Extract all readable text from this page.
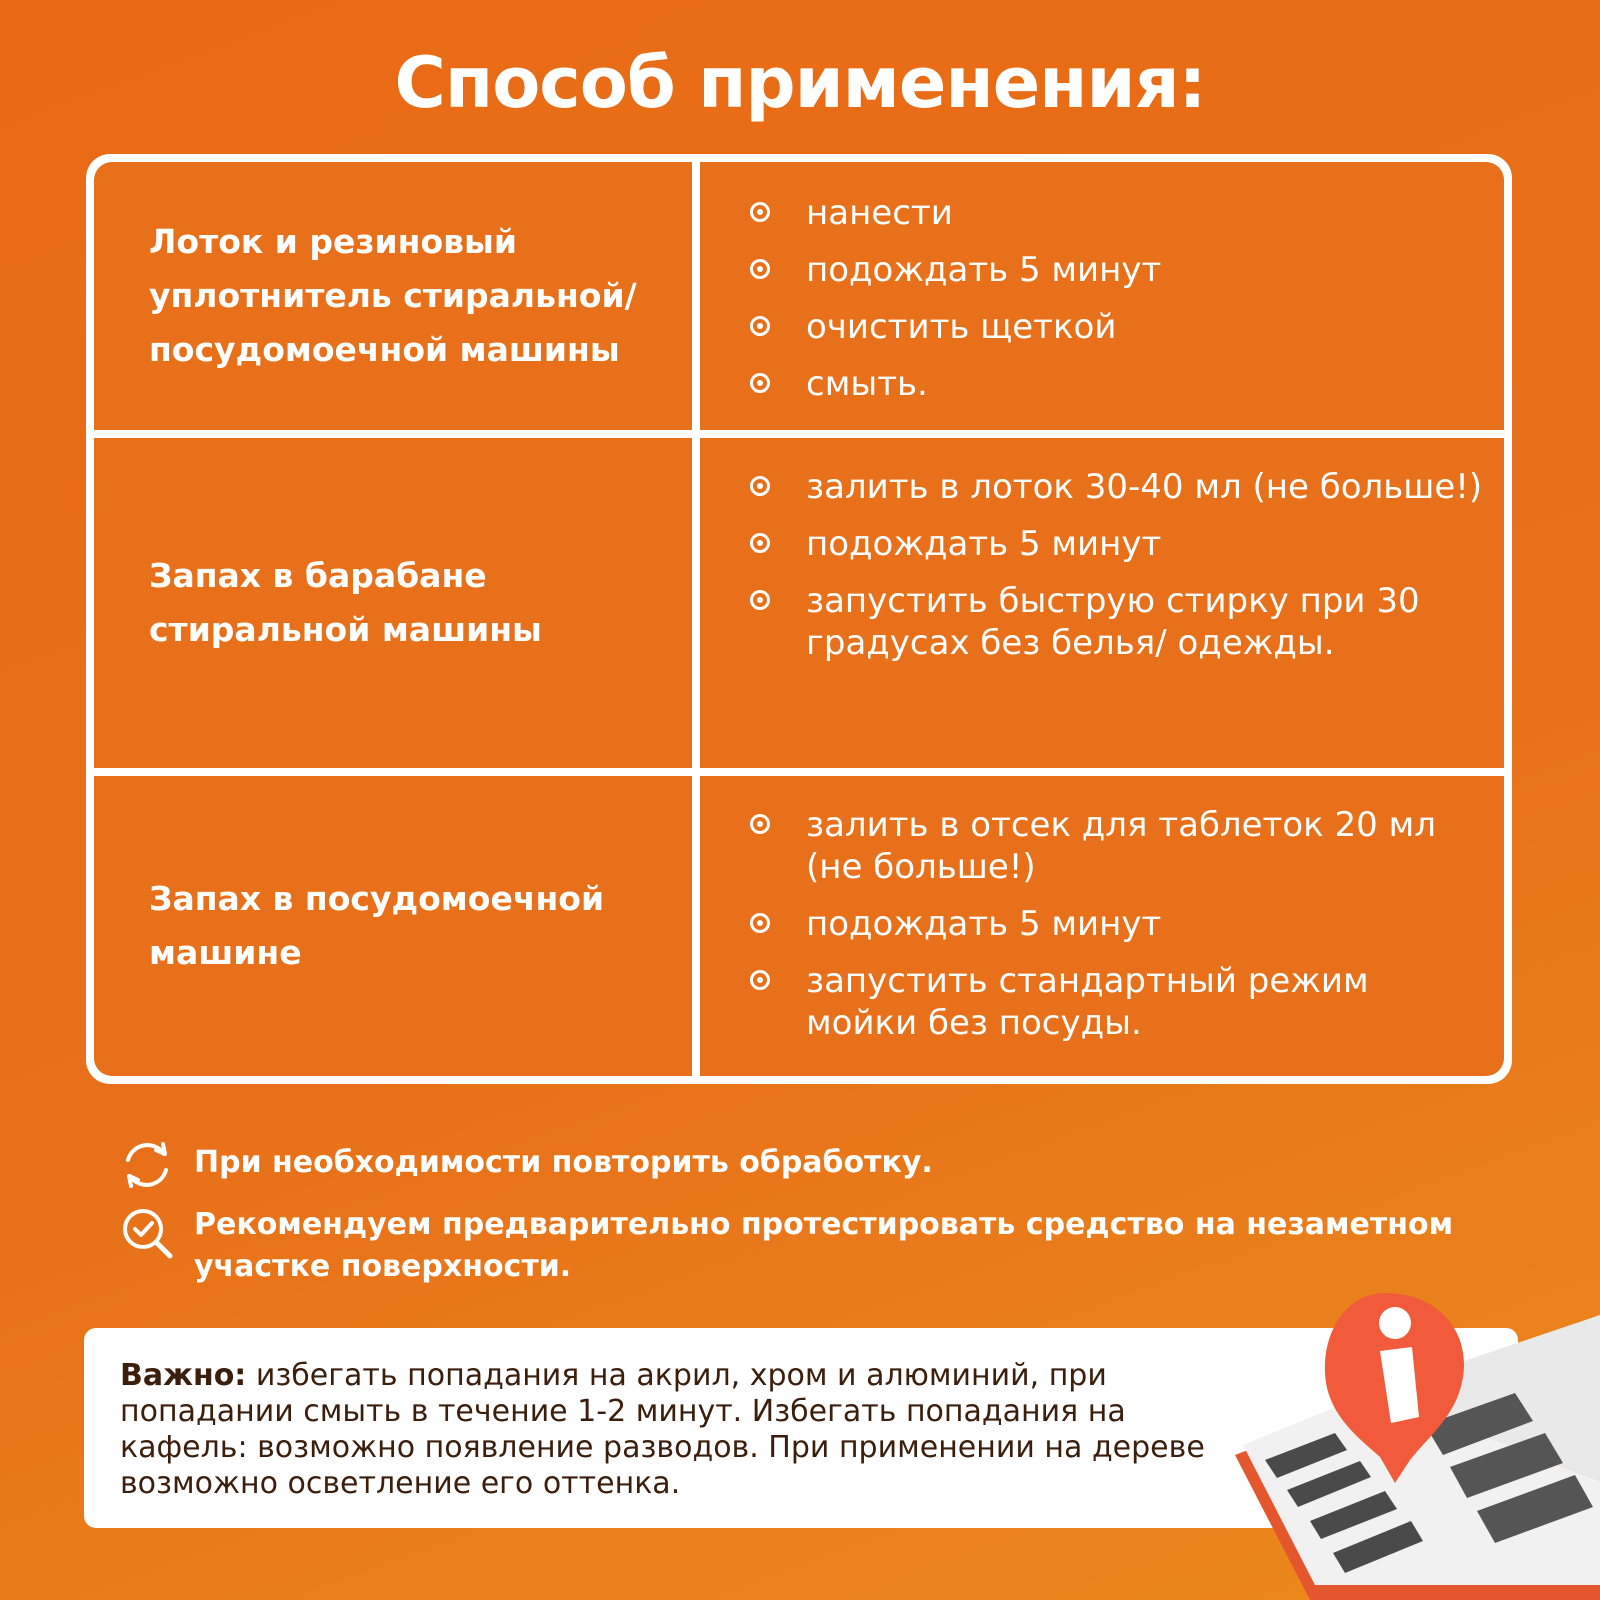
Способ применения:
Лоток и резиновый уплотнитель стиральной/ посудомоечной машины
нанести
подождать 5 минут
очистить щеткой
смыть.
Запах в барабане стиральной машины
залить в лоток 30-40 мл (не больше!)
подождать 5 минут
запустить быструю стирку при 30 градусах без белья/ одежды.
Запах в посудомоечной машине
залить в отсек для таблеток 20 мл (не больше!)
подождать 5 минут
запустить стандартный режим мойки без посуды.
При необходимости повторить обработку.
Рекомендуем предварительно протестировать средство на незаметном участке поверхности.
Важно: избегать попадания на акрил, хром и алюминий, при попадании смыть в течение 1-2 минут. Избегать попадания на кафель: возможно появление разводов. При применении на дереве возможно осветление его оттенка.
